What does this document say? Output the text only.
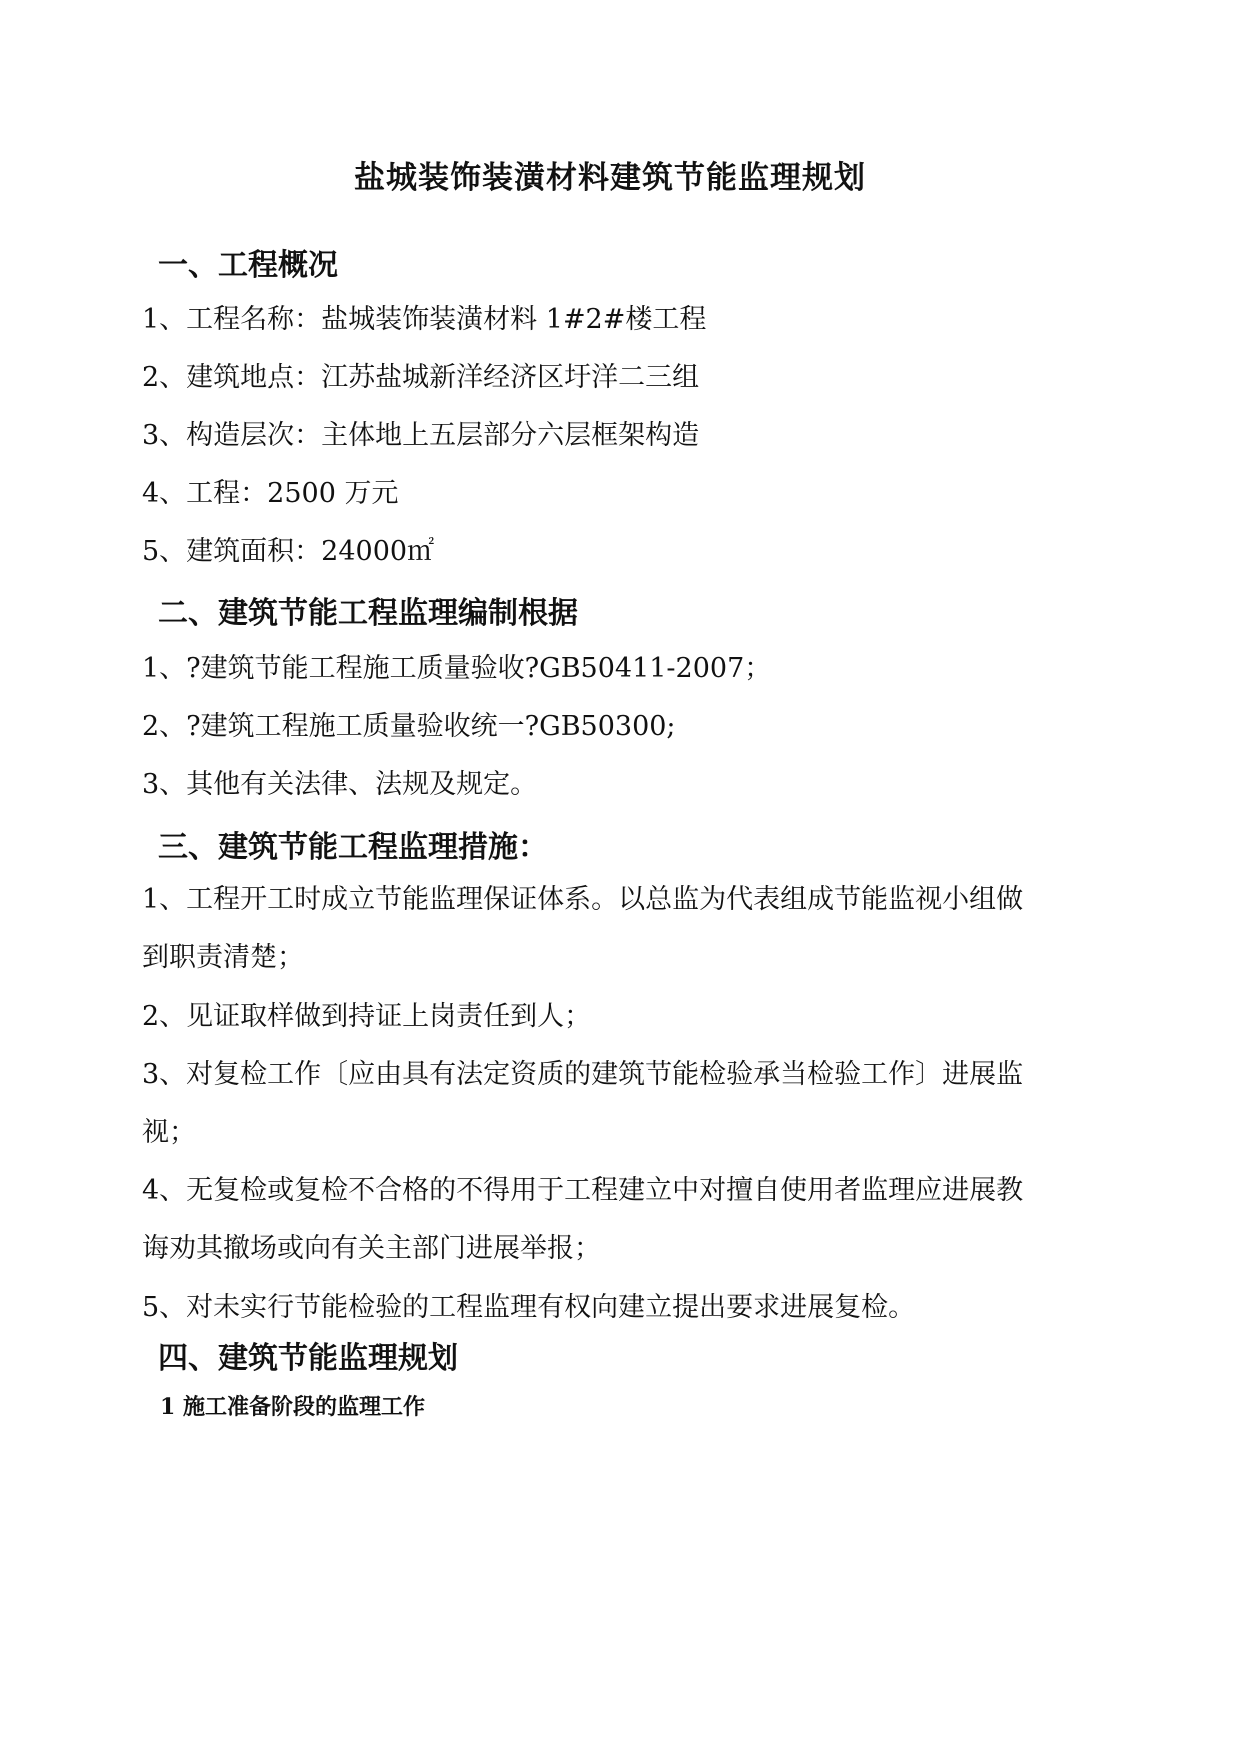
盐城装饰装潢材料建筑节能监理规划
一、工程概况
1、工程名称：盐城装饰装潢材料 1#2#楼工程
2、建筑地点：江苏盐城新洋经济区圩洋二三组
3、构造层次：主体地上五层部分六层框架构造
4、工程：2500 万元
5、建筑面积：24000㎡
二、建筑节能工程监理编制根据
1、?建筑节能工程施工质量验收?GB50411-2007；
2、?建筑工程施工质量验收统一?GB50300;
3、其他有关法律、法规及规定。
三、建筑节能工程监理措施：
1、工程开工时成立节能监理保证体系。以总监为代表组成节能监视小组做
到职责清楚；
2、见证取样做到持证上岗责任到人；
3、对复检工作〔应由具有法定资质的建筑节能检验承当检验工作〕进展监
视；
4、无复检或复检不合格的不得用于工程建立中对擅自使用者监理应进展教
诲劝其撤场或向有关主部门进展举报；
5、对未实行节能检验的工程监理有权向建立提出要求进展复检。
四、建筑节能监理规划
1 施工准备阶段的监理工作
